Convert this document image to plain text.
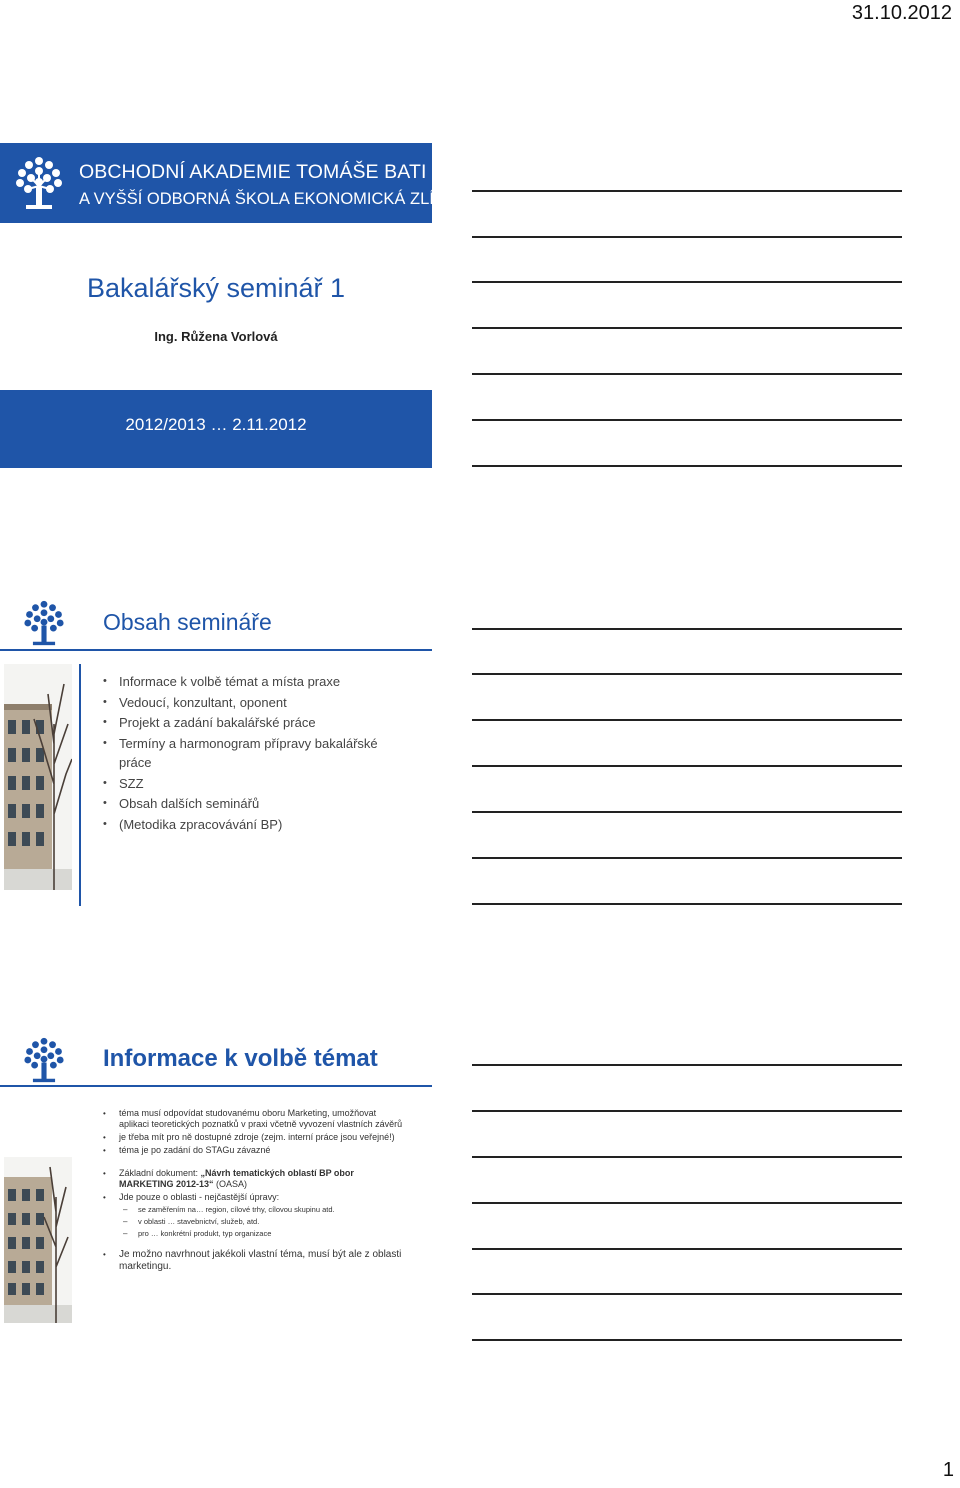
31.10.2012
OBCHODNÍ AKADEMIE TOMÁŠE BATI
A VYŠŠÍ ODBORNÁ ŠKOLA EKONOMICKÁ ZLÍN
Bakalářský seminář 1
Ing. Růžena Vorlová
2012/2013 … 2.11.2012
Obsah semináře
• Informace k volbě témat a místa praxe
• Vedoucí, konzultant, oponent
• Projekt a zadání bakalářské práce
• Termíny a harmonogram přípravy bakalářské práce
• SZZ
• Obsah dalších seminářů
• (Metodika zpracovávání BP)
Informace k volbě témat
• téma musí odpovídat studovanému oboru Marketing, umožňovat aplikaci teoretických poznatků v praxi včetně vyvození vlastních závěrů
• je třeba mít pro ně dostupné zdroje (zejm. interní práce jsou veřejné!)
• téma je po zadání do STAGu závazné
• Základní dokument: „Návrh tematických oblastí BP obor MARKETING 2012-13“ (OASA)
• Jde pouze o oblasti - nejčastější úpravy:
– se zaměřením na… region, cílové trhy, cílovou skupinu atd.
– v oblasti … stavebnictví, služeb, atd.
– pro … konkrétní produkt, typ organizace
• Je možno navrhnout jakékoli vlastní téma, musí být ale z oblasti marketingu.
1
